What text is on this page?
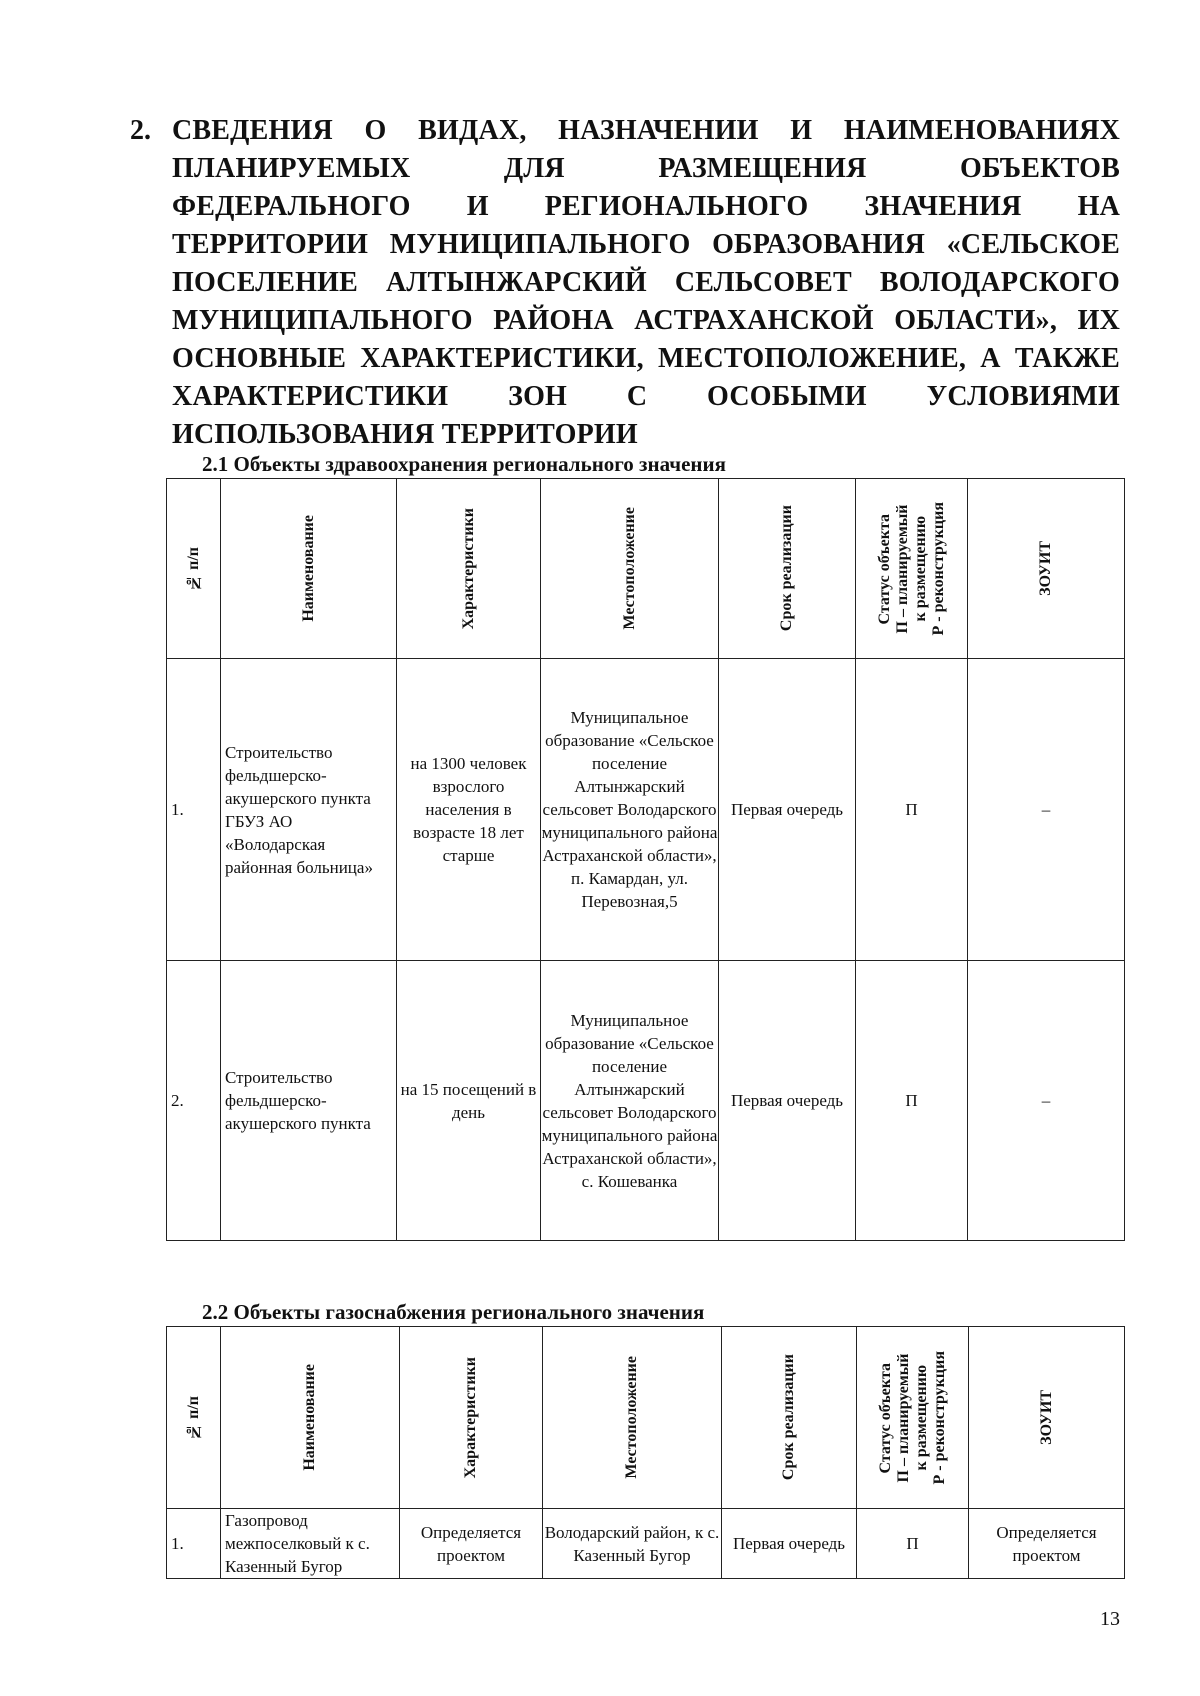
2. СВЕДЕНИЯ О ВИДАХ, НАЗНАЧЕНИИ И НАИМЕНОВАНИЯХ
ПЛАНИРУЕМЫХ ДЛЯ РАЗМЕЩЕНИЯ ОБЪЕКТОВ
ФЕДЕРАЛЬНОГО И РЕГИОНАЛЬНОГО ЗНАЧЕНИЯ НА
ТЕРРИТОРИИ МУНИЦИПАЛЬНОГО ОБРАЗОВАНИЯ «СЕЛЬСКОЕ
ПОСЕЛЕНИЕ АЛТЫНЖАРСКИЙ СЕЛЬСОВЕТ ВОЛОДАРСКОГО
МУНИЦИПАЛЬНОГО РАЙОНА АСТРАХАНСКОЙ ОБЛАСТИ», ИХ
ОСНОВНЫЕ ХАРАКТЕРИСТИКИ, МЕСТОПОЛОЖЕНИЕ, А ТАКЖЕ
ХАРАКТЕРИСТИКИ ЗОН С ОСОБЫМИ УСЛОВИЯМИ
ИСПОЛЬЗОВАНИЯ ТЕРРИТОРИИ
2.1 Объекты здравоохранения регионального значения
№ п/п	Наименование	Характеристики	Местоположение	Срок реализации	Статус объекта П – планируемый к размещению Р - реконструкция	ЗОУИТ

1.	Строительство фельдшерско-акушерского пункта ГБУЗ АО «Володарская районная больница»	на 1300 человек взрослого населения в возрасте 18 лет старше	Муниципальное образование «Сельское поселение Алтынжарский сельсовет Володарского муниципального района Астраханской области», п. Камардан, ул. Перевозная,5	Первая очередь	П	–
2.	Строительство фельдшерско-акушерского пункта	на 15 посещений в день	Муниципальное образование «Сельское поселение Алтынжарский сельсовет Володарского муниципального района Астраханской области», с. Кошеванка	Первая очередь	П	–
2.2 Объекты газоснабжения регионального значения
№ п/п	Наименование	Характеристики	Местоположение	Срок реализации	Статус объекта П – планируемый к размещению Р - реконструкция	ЗОУИТ

1.	Газопровод межпоселковый к с. Казенный Бугор	Определяется проектом	Володарский район, к с. Казенный Бугор	Первая очередь	П	Определяется проектом
13
